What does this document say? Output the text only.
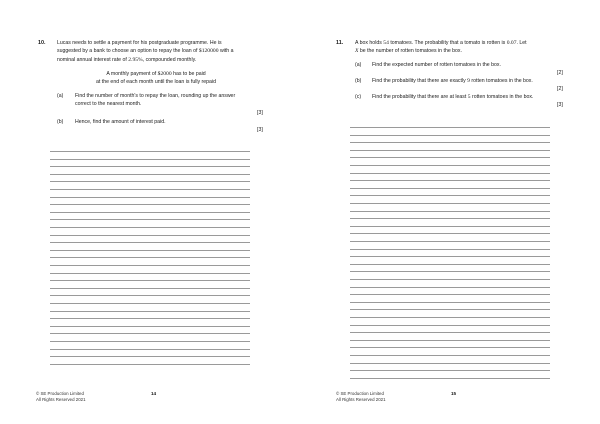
10. Lucas needs to settle a payment for his postgraduate programme. He is
suggested by a bank to choose an option to repay the loan of $120000 with a
nominal annual interest rate of 2.95%, compounded monthly.
A monthly payment of $2000 has to be paid
at the end of each month until the loan is fully repaid
(a) Find the number of month's to repay the loan, rounding up the answer
correct to the nearest month.
[3]
(b) Hence, find the amount of interest paid.
[3]
© SE Production Limited
All Rights Reserved 2021
14
11. A box holds 54 tomatoes. The probability that a tomato is rotten is 0.07. Let
X be the number of rotten tomatoes in the box.
(a) Find the expected number of rotten tomatoes in the box.
[2]
(b) Find the probability that there are exactly 9 rotten tomatoes in the box.
[2]
(c) Find the probability that there are at least 5 rotten tomatoes in the box.
[3]
© SE Production Limited
All Rights Reserved 2021
15
